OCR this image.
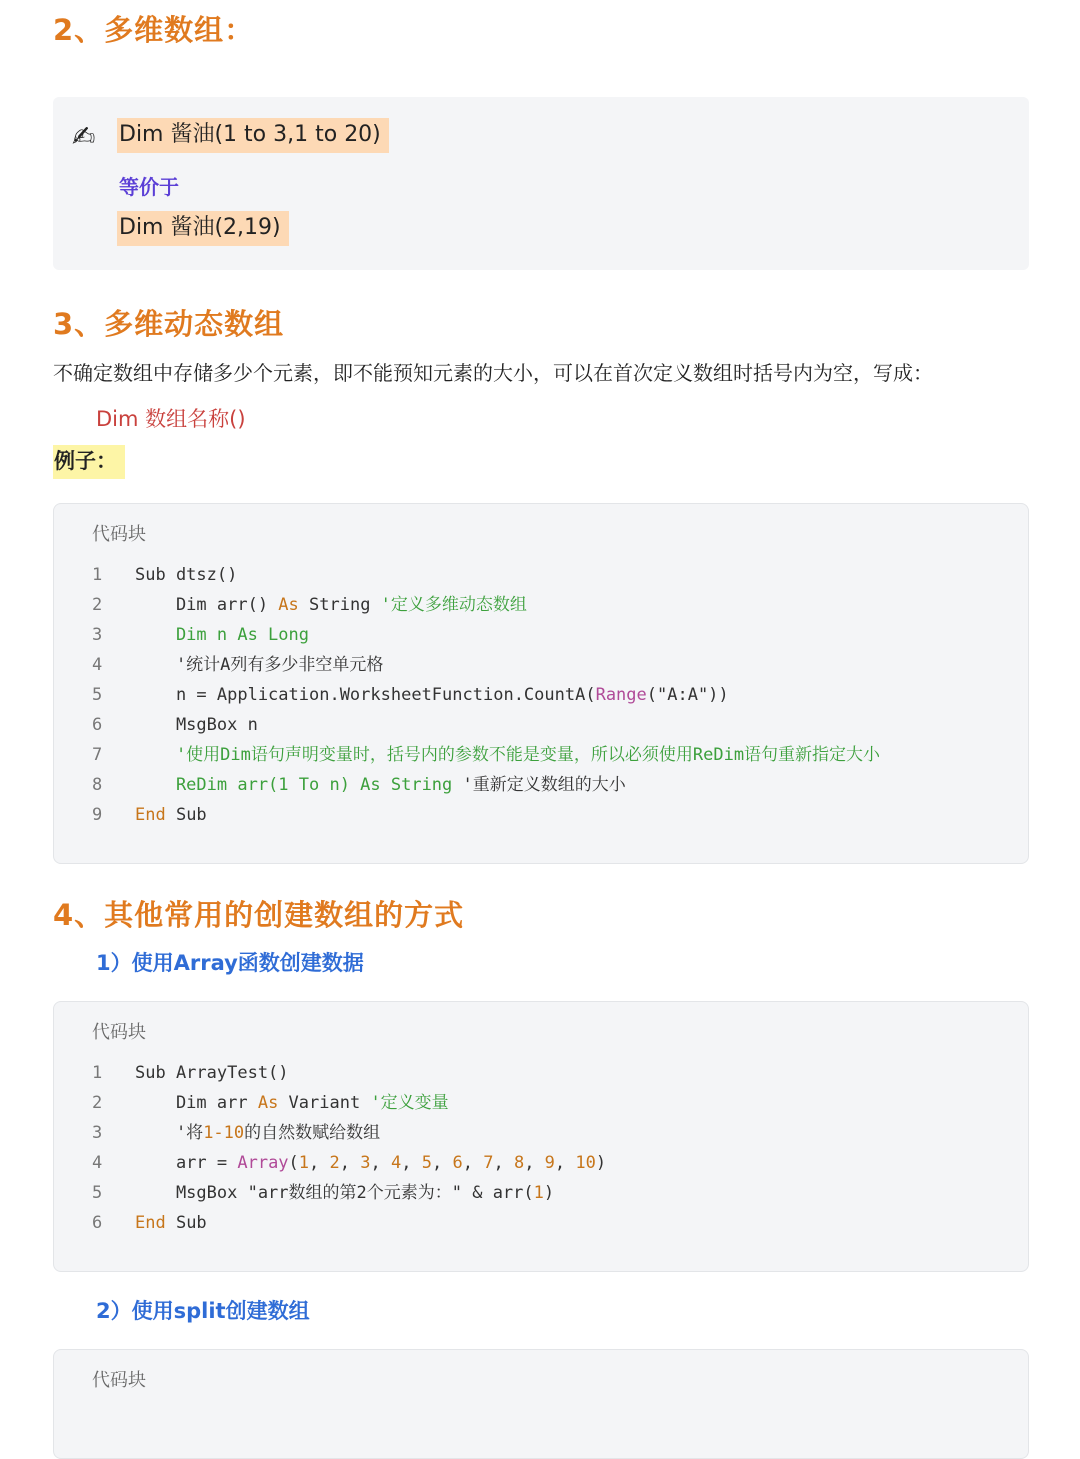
2、多维数组：
✍	Dim 酱油(1 to 3,1 to 20)
等价于
Dim 酱油(2,19)
3、多维动态数组
不确定数组中存储多少个元素，即不能预知元素的大小，可以在首次定义数组时括号内为空，写成：
Dim 数组名称()
例子：
代码块
1	Sub dtsz()
2	Dim arr() As String '定义多维动态数组
3	Dim n As Long
4	'统计A列有多少非空单元格
5	n = Application.WorksheetFunction.CountA(Range("A:A"))
6	MsgBox n
7	'使用Dim语句声明变量时，括号内的参数不能是变量，所以必须使用ReDim语句重新指定大小
8	ReDim arr(1 To n) As String '重新定义数组的大小
9	End Sub
4、其他常用的创建数组的方式
1）使用Array函数创建数据
代码块
1	Sub ArrayTest()
2	Dim arr As Variant '定义变量
3	'将1-10的自然数赋给数组
4	arr = Array(1, 2, 3, 4, 5, 6, 7, 8, 9, 10)
5	MsgBox "arr数组的第2个元素为：" & arr(1)
6	End Sub
2）使用split创建数组
代码块
